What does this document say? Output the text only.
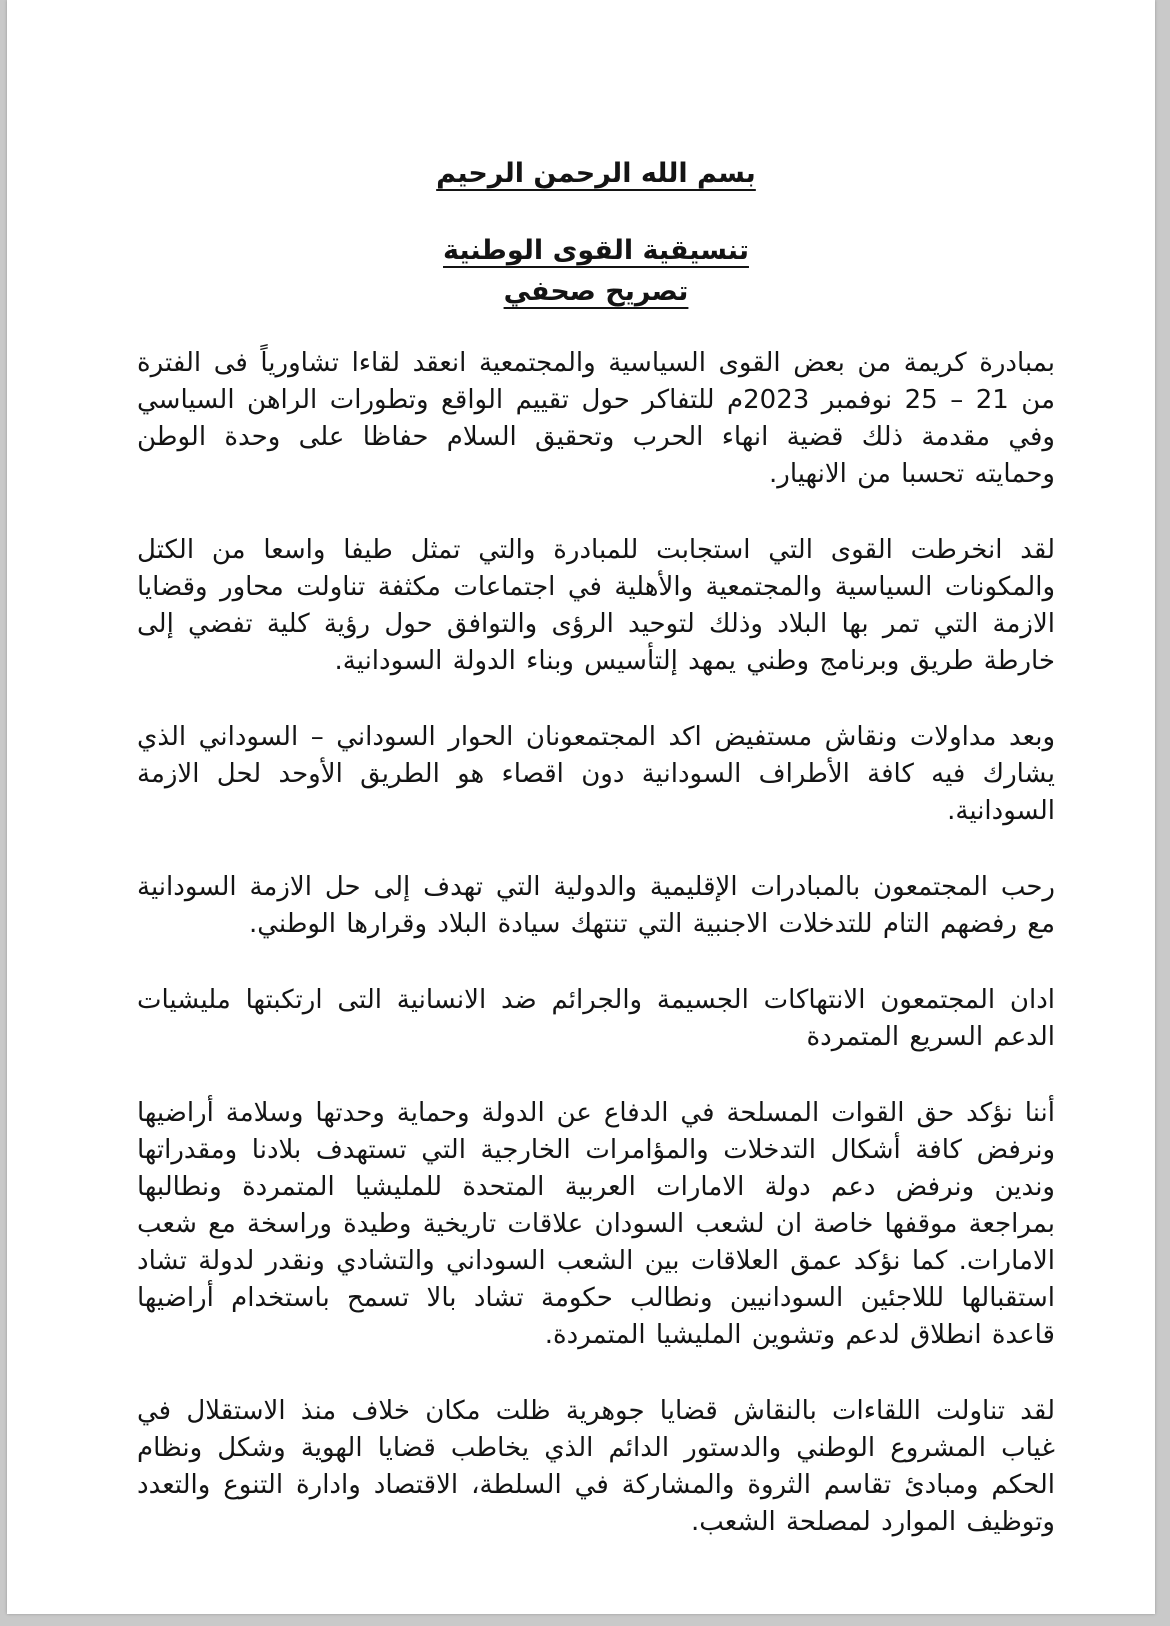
بسم الله الرحمن الرحيم
تنسيقية القوى الوطنية
تصريح صحفي

بمبادرة كريمة من بعض القوى السياسية والمجتمعية انعقد لقاءا تشاورياً فى الفترة من 21 – 25 نوفمبر 2023م للتفاكر حول تقييم الواقع وتطورات الراهن السياسي وفي مقدمة ذلك قضية انهاء الحرب وتحقيق السلام حفاظا على وحدة الوطن وحمايته تحسبا من الانهيار.

لقد انخرطت القوى التي استجابت للمبادرة والتي تمثل طيفا واسعا من الكتل والمكونات السياسية والمجتمعية والأهلية في اجتماعات مكثفة تناولت محاور وقضايا الازمة التي تمر بها البلاد وذلك لتوحيد الرؤى والتوافق حول رؤية كلية تفضي إلى خارطة طريق وبرنامج وطني يمهد إلتأسيس وبناء الدولة السودانية.

وبعد مداولات ونقاش مستفيض اكد المجتمعونان الحوار السوداني – السوداني الذي يشارك فيه كافة الأطراف السودانية دون اقصاء هو الطريق الأوحد لحل الازمة السودانية.

رحب المجتمعون بالمبادرات الإقليمية والدولية التي تهدف إلى حل الازمة السودانية مع رفضهم التام للتدخلات الاجنبية التي تنتهك سيادة البلاد وقرارها الوطني.

ادان المجتمعون الانتهاكات الجسيمة والجرائم ضد الانسانية التى ارتكبتها مليشيات الدعم السريع المتمردة

أننا نؤكد حق القوات المسلحة في الدفاع عن الدولة وحماية وحدتها وسلامة أراضيها ونرفض كافة أشكال التدخلات والمؤامرات الخارجية التي تستهدف بلادنا ومقدراتها وندين ونرفض دعم دولة الامارات العربية المتحدة للمليشيا المتمردة ونطالبها بمراجعة موقفها خاصة ان لشعب السودان علاقات تاريخية وطيدة وراسخة مع شعب الامارات. كما نؤكد عمق العلاقات بين الشعب السوداني والتشادي ونقدر لدولة تشاد استقبالها لللاجئين السودانيين ونطالب حكومة تشاد بالا تسمح باستخدام أراضيها قاعدة انطلاق لدعم وتشوين المليشيا المتمردة.

لقد تناولت اللقاءات بالنقاش قضايا جوهرية ظلت مكان خلاف منذ الاستقلال في غياب المشروع الوطني والدستور الدائم الذي يخاطب قضايا الهوية وشكل ونظام الحكم ومبادئ تقاسم الثروة والمشاركة في السلطة، الاقتصاد وادارة التنوع والتعدد وتوظيف الموارد لمصلحة الشعب.
